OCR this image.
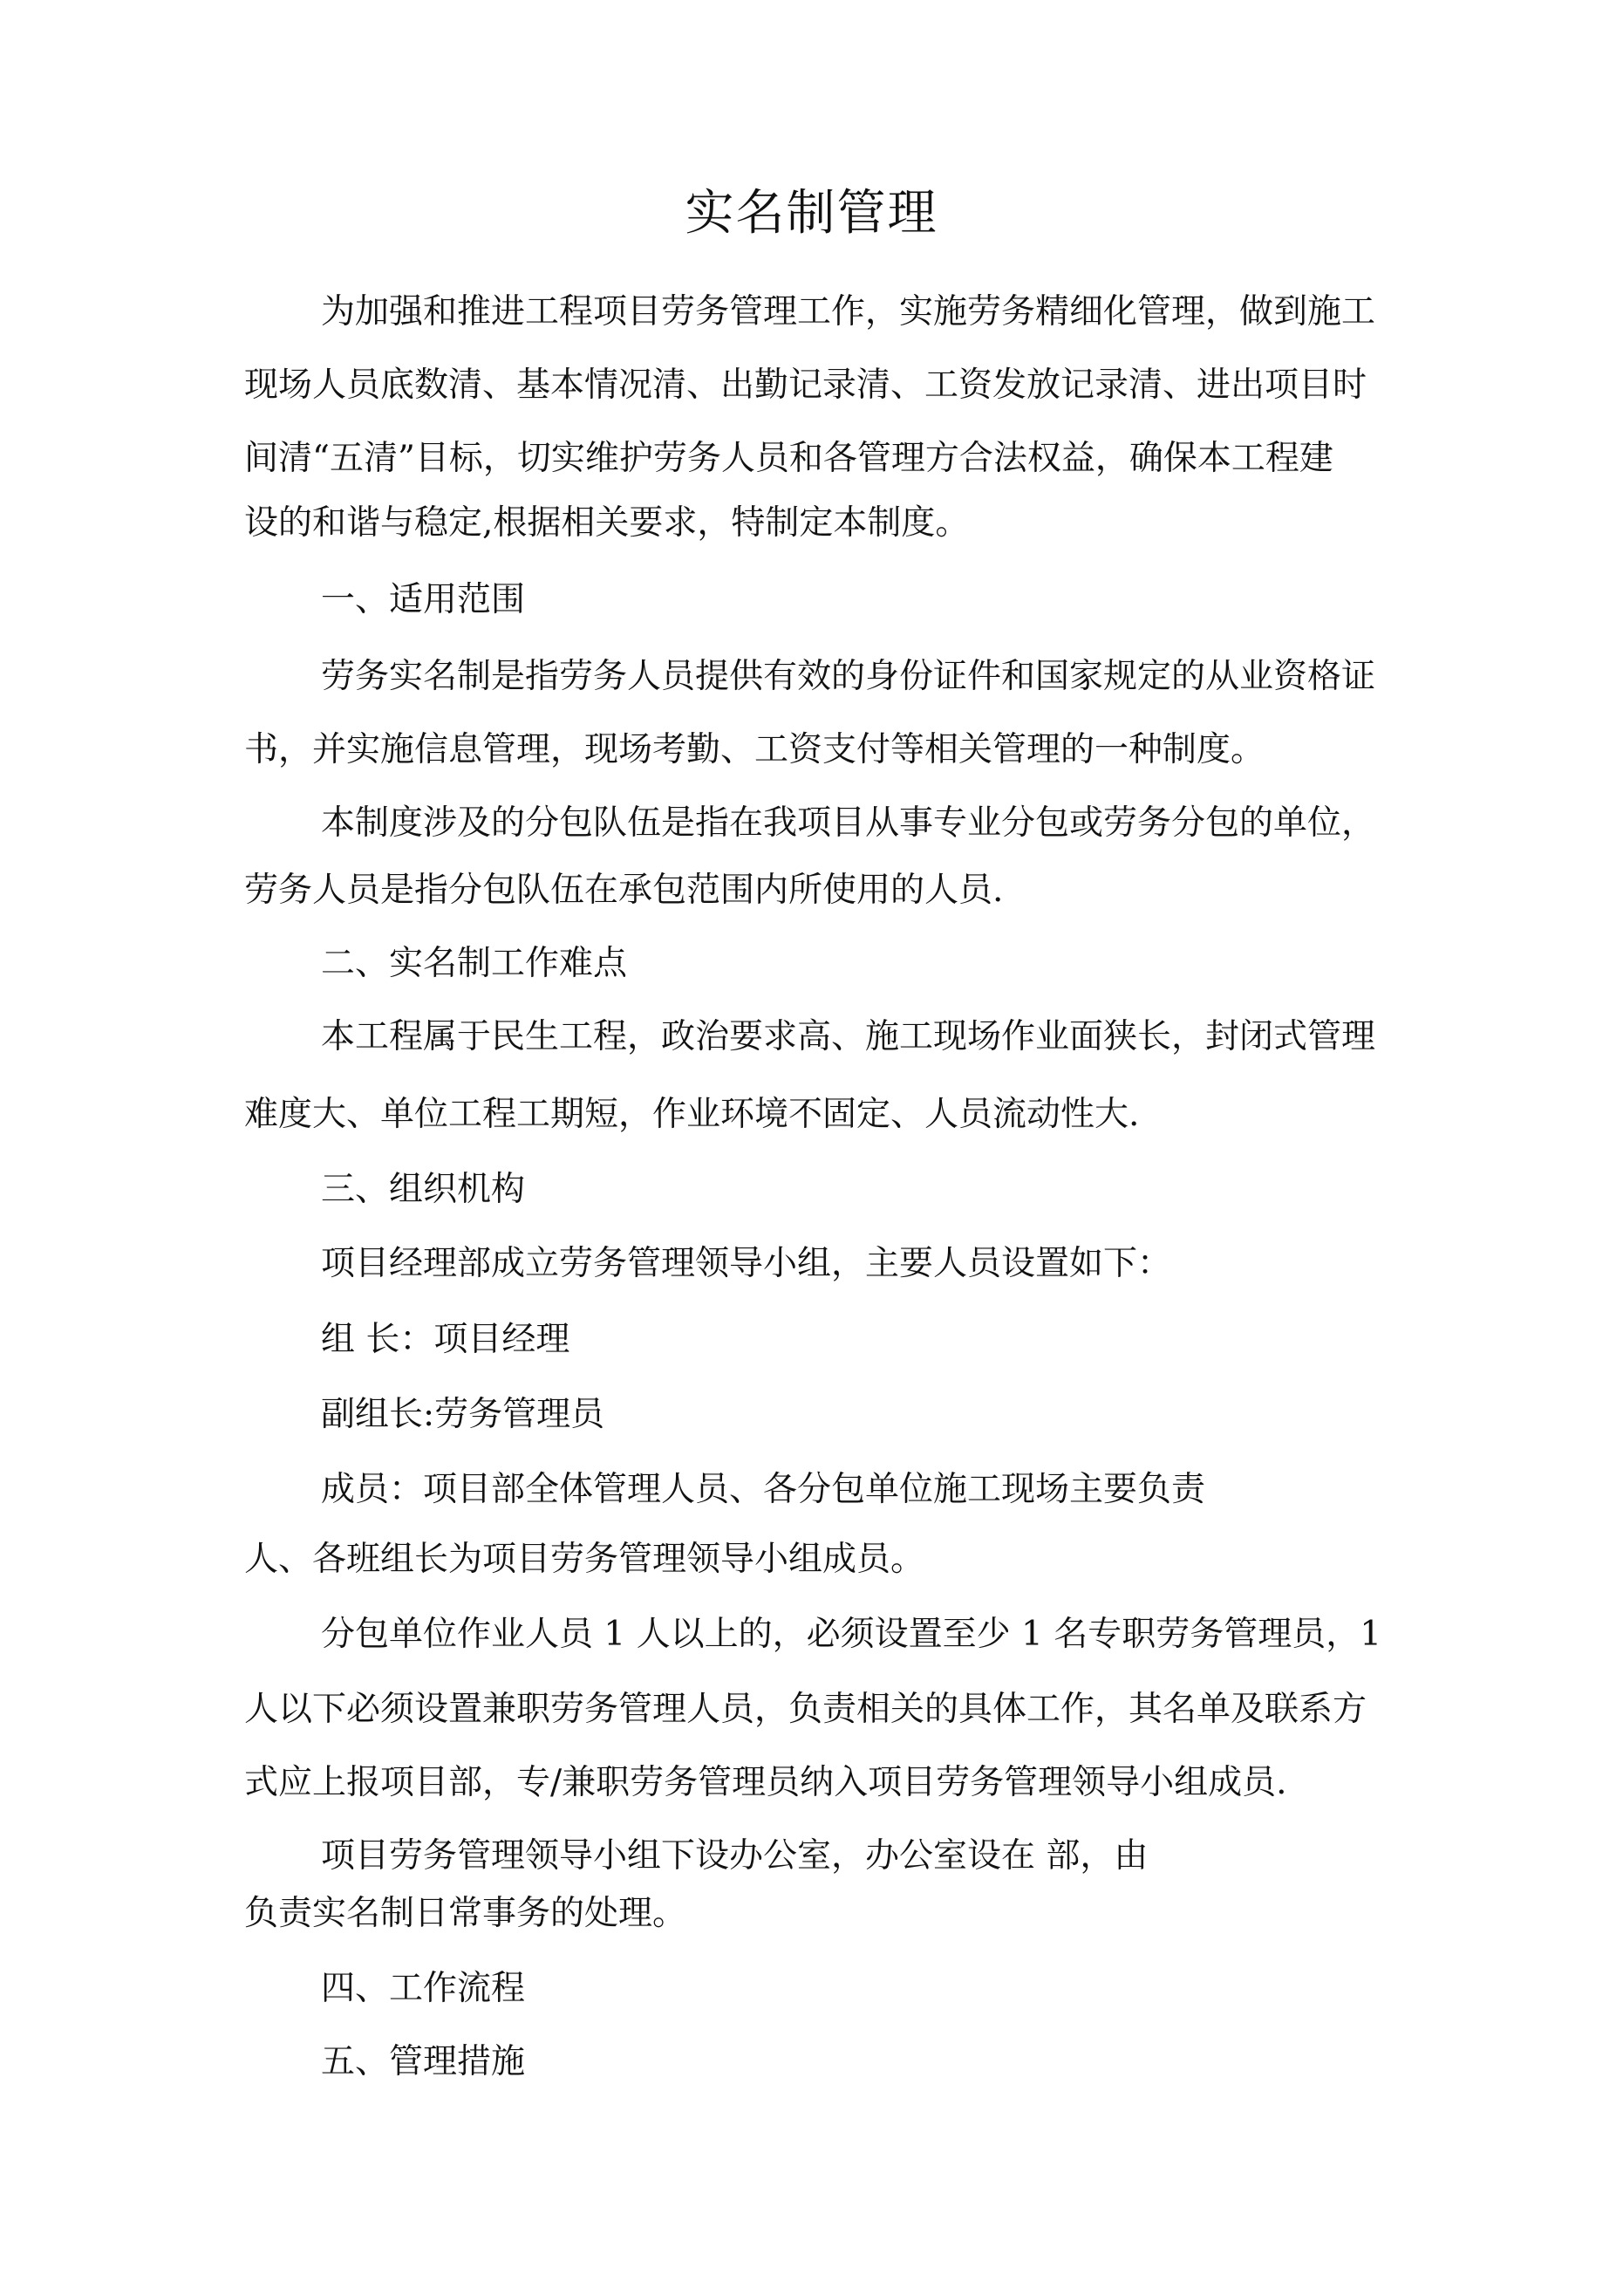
实名制管理
为加强和推进工程项目劳务管理工作，实施劳务精细化管理，做到施工
现场人员底数清、基本情况清、出勤记录清、工资发放记录清、进出项目时
间清“五清”目标，切实维护劳务人员和各管理方合法权益，确保本工程建
设的和谐与稳定,根据相关要求，特制定本制度。
一、适用范围
劳务实名制是指劳务人员提供有效的身份证件和国家规定的从业资格证
书，并实施信息管理，现场考勤、工资支付等相关管理的一种制度。
本制度涉及的分包队伍是指在我项目从事专业分包或劳务分包的单位，
劳务人员是指分包队伍在承包范围内所使用的人员.
二、实名制工作难点
本工程属于民生工程，政治要求高、施工现场作业面狭长，封闭式管理
难度大、单位工程工期短，作业环境不固定、人员流动性大.
三、组织机构
项目经理部成立劳务管理领导小组，主要人员设置如下：
组 长：项目经理
副组长:劳务管理员
成员：项目部全体管理人员、各分包单位施工现场主要负责
人、各班组长为项目劳务管理领导小组成员。
分包单位作业人员 1 人以上的，必须设置至少 1 名专职劳务管理员，1
人以下必须设置兼职劳务管理人员，负责相关的具体工作，其名单及联系方
式应上报项目部，专/兼职劳务管理员纳入项目劳务管理领导小组成员.
项目劳务管理领导小组下设办公室，办公室设在 部，由
负责实名制日常事务的处理。
四、工作流程
五、管理措施
